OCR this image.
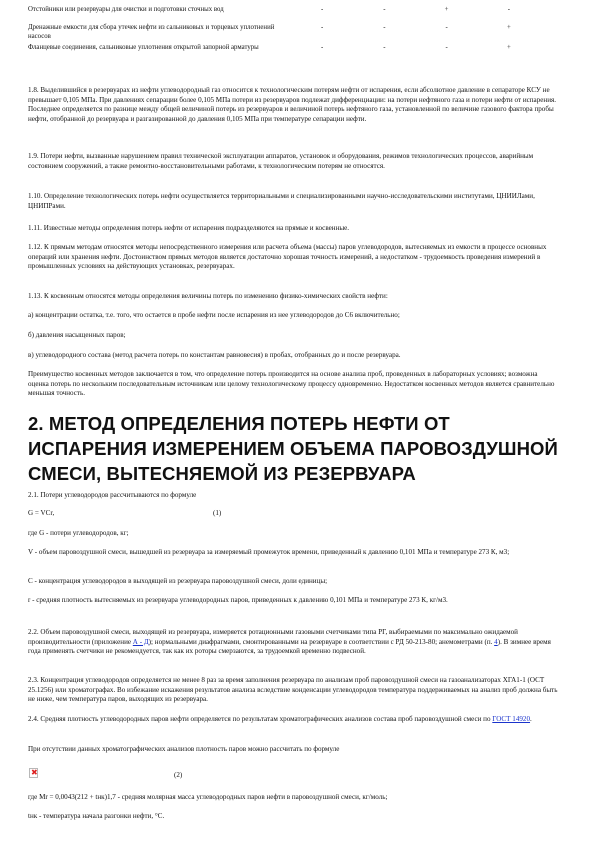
Отстойники или резервуары для очистки и подготовки сточных вод	-	-	+	-
Дренажные емкости для сбора утечек нефти из сальниковых и торцевых уплотнений насосов	-	-	-	+
Фланцевые соединения, сальниковые уплотнения открытой запорной арматуры	-	-	-	+

1.8. Выделившийся в резервуарах из нефти углеводородный газ относится к технологическим потерям нефти от испарения, если абсолютное давление в сепараторе КСУ не превышает 0,105 МПа. При давлениях сепарации более 0,105 МПа потери из резервуаров подлежат дифференциации: на потери нефтяного газа и потери нефти от испарения. Последнее определяется по разнице между общей величиной потерь из резервуаров и величиной потерь нефтяного газа, установленной по величине газового фактора пробы нефти, отобранной до резервуара и разгазированной до давления 0,105 МПа при температуре сепарации нефти.

1.9. Потери нефти, вызванные нарушением правил технической эксплуатации аппаратов, установок и оборудования, режимов технологических процессов, аварийным состоянием сооружений, а также ремонтно-восстановительными работами, к технологическим потерям не относятся.

1.10. Определение технологических потерь нефти осуществляется территориальными и специализированными научно-исследовательскими институтами, ЦНИИЛами, ЦНИПРами.

1.11. Известные методы определения потерь нефти от испарения подразделяются на прямые и косвенные.

1.12. К прямым методам относятся методы непосредственного измерения или расчета объема (массы) паров углеводородов, вытесняемых из емкости в процессе основных операций или хранения нефти. Достоинством прямых методов является достаточно хорошая точность измерений, а недостатком - трудоемкость проведения измерений в промышленных условиях на действующих установках, резервуарах.

1.13. К косвенным относятся методы определения величины потерь по изменению физико-химических свойств нефти:

а) концентрации остатка, т.е. того, что остается в пробе нефти после испарения из нее углеводородов до C6 включительно;

б) давления насыщенных паров;

в) углеводородного состава (метод расчета потерь по константам равновесия) в пробах, отобранных до и после резервуара.

Преимущество косвенных методов заключается в том, что определение потерь производится на основе анализа проб, проведенных в лабораторных условиях; возможна оценка потерь по нескольким последовательным источникам или целому технологическому процессу одновременно. Недостатком косвенных методов является сравнительно меньшая точность.

2. МЕТОД ОПРЕДЕЛЕНИЯ ПОТЕРЬ НЕФТИ ОТ ИСПАРЕНИЯ ИЗМЕРЕНИЕМ ОБЪЕМА ПАРОВОЗДУШНОЙ СМЕСИ, ВЫТЕСНЯЕМОЙ ИЗ РЕЗЕРВУАРА

2.1. Потери углеводородов рассчитываются по формуле

G = VCr,	(1)

где G - потери углеводородов, кг;

V - объем паровоздушной смеси, вышедшей из резервуара за измеряемый промежуток времени, приведенный к давлению 0,101 МПа и температуре 273 К, м3;

C - концентрация углеводородов в выходящей из резервуара паровоздушной смеси, доли единицы;

r - средняя плотность вытесняемых из резервуара углеводородных паров, приведенных к давлению 0,101 МПа и температуре 273 К, кг/м3.

2.2. Объем паровоздушной смеси, выходящей из резервуара, измеряется ротационными газовыми счетчиками типа РГ, выбираемыми по максимально ожидаемой производительности (приложение А - Д); нормальными диафрагмами, смонтированными на резервуаре в соответствии с РД 50-213-80; анемометрами (п. 4). В зимнее время года применять счетчики не рекомендуется, так как их роторы смерзаются, за трудоемкой временно подвесной.

2.3. Концентрация углеводородов определяется не менее 8 раз за время заполнения резервуара по анализам проб паровоздушной смеси на газоанализаторах ХГА1-1 (ОСТ 25.1256) или хроматографах. Во избежание искажения результатов анализа вследствие конденсации углеводородов температура поддерживаемых на анализ проб должна быть не ниже, чем температура паров, выходящих из резервуара.

2.4. Средняя плотность углеводородных паров нефти определяется по результатам хроматографических анализов состава проб паровоздушной смеси по ГОСТ 14920.

При отсутствии данных хроматографических анализов плотность паров можно рассчитать по формуле

✖	(2)

где Mr = 0,0043(212 + tнк)1,7 - средняя молярная масса углеводородных паров нефти в паровоздушной смеси, кг/моль;

tнк - температура начала разгонки нефти, °С.
